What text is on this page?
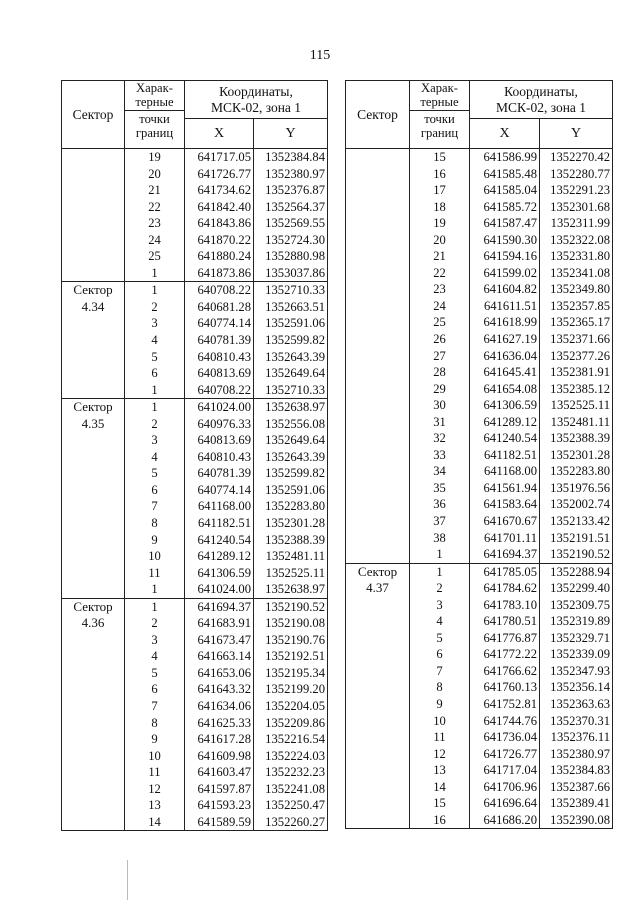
115
Сектор	Харак-
терные
точки
границ	Координаты,
МСК-02, зона 1	
		X	Y
	19	641717.05	1352384.84
	20	641726.77	1352380.97
	21	641734.62	1352376.87
	22	641842.40	1352564.37
	23	641843.86	1352569.55
	24	641870.22	1352724.30
	25	641880.24	1352880.98
	1	641873.86	1353037.86

Сектор
4.34	1	640708.22	1352710.33
	2	640681.28	1352663.51
	3	640774.14	1352591.06
	4	640781.39	1352599.82
	5	640810.43	1352643.39
	6	640813.69	1352649.64
	1	640708.22	1352710.33

Сектор
4.35	1	641024.00	1352638.97
	2	640976.33	1352556.08
	3	640813.69	1352649.64
	4	640810.43	1352643.39
	5	640781.39	1352599.82
	6	640774.14	1352591.06
	7	641168.00	1352283.80
	8	641182.51	1352301.28
	9	641240.54	1352388.39
	10	641289.12	1352481.11
	11	641306.59	1352525.11
	1	641024.00	1352638.97

Сектор
4.36	1	641694.37	1352190.52
	2	641683.91	1352190.08
	3	641673.47	1352190.76
	4	641663.14	1352192.51
	5	641653.06	1352195.34
	6	641643.32	1352199.20
	7	641634.06	1352204.05
	8	641625.33	1352209.86
	9	641617.28	1352216.54
	10	641609.98	1352224.03
	11	641603.47	1352232.23
	12	641597.87	1352241.08
	13	641593.23	1352250.47
	14	641589.59	1352260.27
Сектор	Харак-
терные
точки
границ	Координаты,
МСК-02, зона 1	
		X	Y
	15	641586.99	1352270.42
	16	641585.48	1352280.77
	17	641585.04	1352291.23
	18	641585.72	1352301.68
	19	641587.47	1352311.99
	20	641590.30	1352322.08
	21	641594.16	1352331.80
	22	641599.02	1352341.08
	23	641604.82	1352349.80
	24	641611.51	1352357.85
	25	641618.99	1352365.17
	26	641627.19	1352371.66
	27	641636.04	1352377.26
	28	641645.41	1352381.91
	29	641654.08	1352385.12
	30	641306.59	1352525.11
	31	641289.12	1352481.11
	32	641240.54	1352388.39
	33	641182.51	1352301.28
	34	641168.00	1352283.80
	35	641561.94	1351976.56
	36	641583.64	1352002.74
	37	641670.67	1352133.42
	38	641701.11	1352191.51
	1	641694.37	1352190.52

Сектор
4.37	1	641785.05	1352288.94
	2	641784.62	1352299.40
	3	641783.10	1352309.75
	4	641780.51	1352319.89
	5	641776.87	1352329.71
	6	641772.22	1352339.09
	7	641766.62	1352347.93
	8	641760.13	1352356.14
	9	641752.81	1352363.63
	10	641744.76	1352370.31
	11	641736.04	1352376.11
	12	641726.77	1352380.97
	13	641717.04	1352384.83
	14	641706.96	1352387.66
	15	641696.64	1352389.41
	16	641686.20	1352390.08
